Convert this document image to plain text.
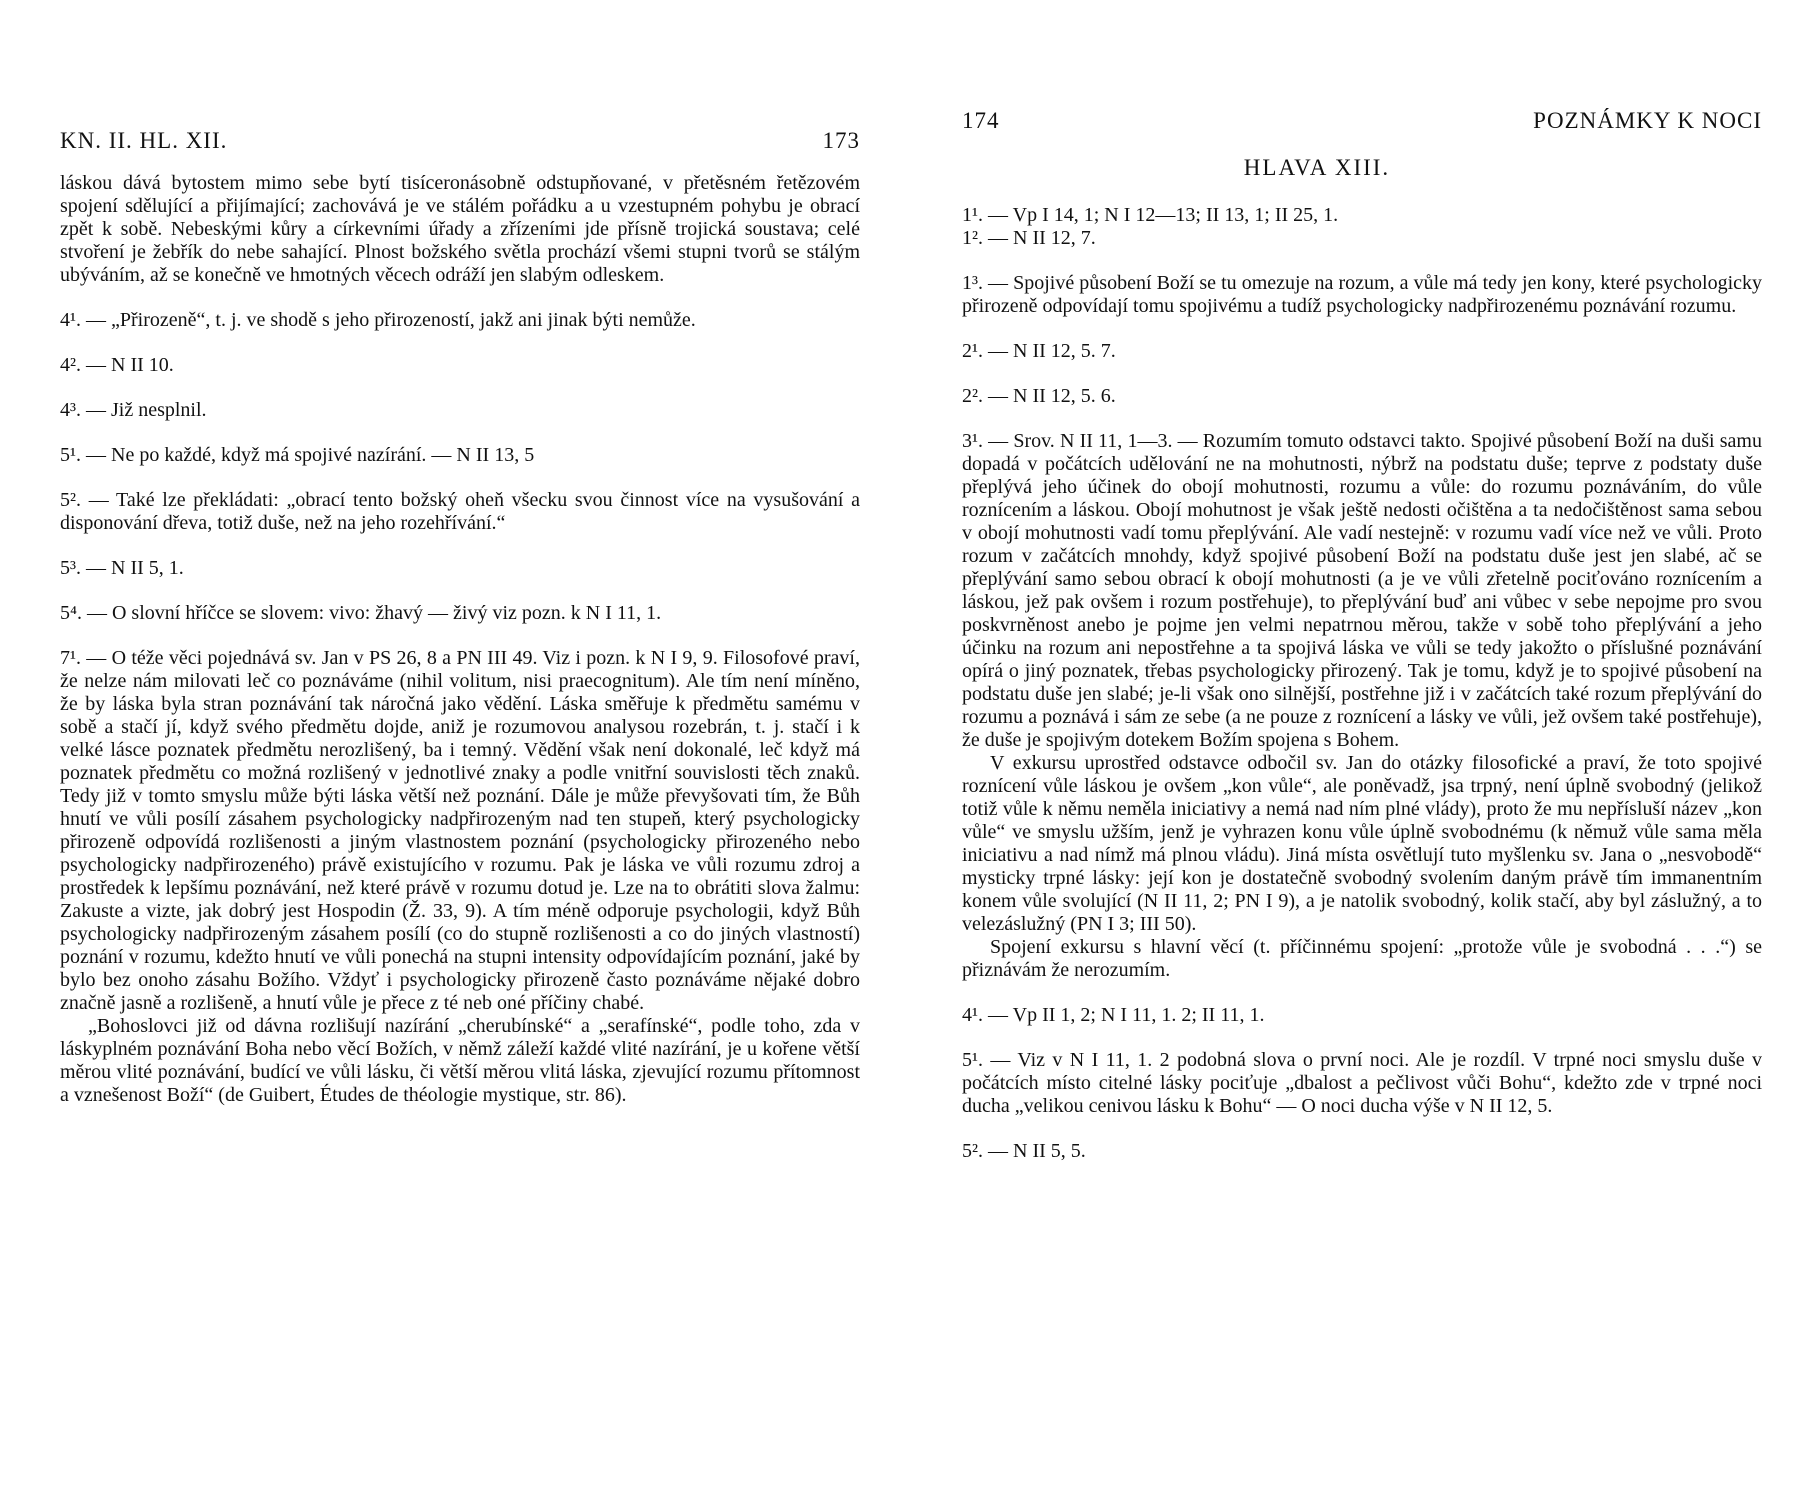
KN. II. HL. XII.	173

láskou dává bytostem mimo sebe bytí tisíceronásobně odstupňované, v přetěsném řetězovém spojení sdělující a přijímající; zachovává je ve stálém pořádku a u vzestupném pohybu je obrací zpět k sobě. Nebeskými kůry a církevními úřady a zřízeními jde přísně trojická soustava; celé stvoření je žebřík do nebe sahající. Plnost božského světla prochází všemi stupni tvorů se stálým ubýváním, až se konečně ve hmotných věcech odráží jen slabým odleskem.

4¹. — „Přirozeně“, t. j. ve shodě s jeho přirozeností, jakž ani jinak býti nemůže.

4². — N II 10.

4³. — Již nesplnil.

5¹. — Ne po každé, když má spojivé nazírání. — N II 13, 5

5². — Také lze překládati: „obrací tento božský oheň všecku svou činnost více na vysušování a disponování dřeva, totiž duše, než na jeho rozehřívání.“

5³. — N II 5, 1.

5⁴. — O slovní hříčce se slovem: vivo: žhavý — živý viz pozn. k N I 11, 1.

7¹. — O téže věci pojednává sv. Jan v PS 26, 8 a PN III 49. Viz i pozn. k N I 9, 9. Filosofové praví, že nelze nám milovati leč co poznáváme (nihil volitum, nisi praecognitum). Ale tím není míněno, že by láska byla stran poznávání tak náročná jako vědění. Láska směřuje k předmětu samému v sobě a stačí jí, když svého předmětu dojde, aniž je rozumovou analysou rozebrán, t. j. stačí i k velké lásce poznatek předmětu nerozlišený, ba i temný. Vědění však není dokonalé, leč když má poznatek předmětu co možná rozlišený v jednotlivé znaky a podle vnitřní souvislosti těch znaků. Tedy již v tomto smyslu může býti láska větší než poznání. Dále je může převyšovati tím, že Bůh hnutí ve vůli posílí zásahem psychologicky nadpřirozeným nad ten stupeň, který psychologicky přirozeně odpovídá rozlišenosti a jiným vlastnostem poznání (psychologicky přirozeného nebo psychologicky nadpřirozeného) právě existujícího v rozumu. Pak je láska ve vůli rozumu zdroj a prostředek k lepšímu poznávání, než které právě v rozumu dotud je. Lze na to obrátiti slova žalmu: Zakuste a vizte, jak dobrý jest Hospodin (Ž. 33, 9). A tím méně odporuje psychologii, když Bůh psychologicky nadpřirozeným zásahem posílí (co do stupně rozlišenosti a co do jiných vlastností) poznání v rozumu, kdežto hnutí ve vůli ponechá na stupni intensity odpovídajícím poznání, jaké by bylo bez onoho zásahu Božího. Vždyť i psychologicky přirozeně často poznáváme nějaké dobro značně jasně a rozlišeně, a hnutí vůle je přece z té neb oné příčiny chabé.

„Bohoslovci již od dávna rozlišují nazírání „cherubínské“ a „serafínské“, podle toho, zda v láskyplném poznávání Boha nebo věcí Božích, v němž záleží každé vlité nazírání, je u kořene větší měrou vlité poznávání, budící ve vůli lásku, či větší měrou vlitá láska, zjevující rozumu přítomnost a vznešenost Boží“ (de Guibert, Études de théologie mystique, str. 86).

174	POZNÁMKY K NOCI
HLAVA XIII.

1¹. — Vp I 14, 1; N I 12—13; II 13, 1; II 25, 1.

1². — N II 12, 7.

1³. — Spojivé působení Boží se tu omezuje na rozum, a vůle má tedy jen kony, které psychologicky přirozeně odpovídají tomu spojivému a tudíž psychologicky nadpřirozenému poznávání rozumu.

2¹. — N II 12, 5. 7.

2². — N II 12, 5. 6.

3¹. — Srov. N II 11, 1—3. — Rozumím tomuto odstavci takto. Spojivé působení Boží na duši samu dopadá v počátcích udělování ne na mohutnosti, nýbrž na podstatu duše; teprve z podstaty duše přeplývá jeho účinek do obojí mohutnosti, rozumu a vůle: do rozumu poznáváním, do vůle roznícením a láskou. Obojí mohutnost je však ještě nedosti očištěna a ta nedočištěnost sama sebou v obojí mohutnosti vadí tomu přeplývání. Ale vadí nestejně: v rozumu vadí více než ve vůli. Proto rozum v začátcích mnohdy, když spojivé působení Boží na podstatu duše jest jen slabé, ač se přeplývání samo sebou obrací k obojí mohutnosti (a je ve vůli zřetelně pociťováno roznícením a láskou, jež pak ovšem i rozum postřehuje), to přeplývání buď ani vůbec v sebe nepojme pro svou poskvrněnost anebo je pojme jen velmi nepatrnou měrou, takže v sobě toho přeplývání a jeho účinku na rozum ani nepostřehne a ta spojivá láska ve vůli se tedy jakožto o příslušné poznávání opírá o jiný poznatek, třebas psychologicky přirozený. Tak je tomu, když je to spojivé působení na podstatu duše jen slabé; je-li však ono silnější, postřehne již i v začátcích také rozum přeplývání do rozumu a poznává i sám ze sebe (a ne pouze z roznícení a lásky ve vůli, jež ovšem také postřehuje), že duše je spojivým dotekem Božím spojena s Bohem.

V exkursu uprostřed odstavce odbočil sv. Jan do otázky filosofické a praví, že toto spojivé roznícení vůle láskou je ovšem „kon vůle“, ale poněvadž, jsa trpný, není úplně svobodný (jelikož totiž vůle k němu neměla iniciativy a nemá nad ním plné vlády), proto že mu nepřísluší název „kon vůle“ ve smyslu užším, jenž je vyhrazen konu vůle úplně svobodnému (k němuž vůle sama měla iniciativu a nad nímž má plnou vládu). Jiná místa osvětlují tuto myšlenku sv. Jana o „nesvobodě“ mysticky trpné lásky: její kon je dostatečně svobodný svolením daným právě tím immanentním konem vůle svolující (N II 11, 2; PN I 9), a je natolik svobodný, kolik stačí, aby byl záslužný, a to velezáslužný (PN I 3; III 50).

Spojení exkursu s hlavní věcí (t. příčinnému spojení: „protože vůle je svobodná . . .“) se přiznávám že nerozumím.

4¹. — Vp II 1, 2; N I 11, 1. 2; II 11, 1.

5¹. — Viz v N I 11, 1. 2 podobná slova o první noci. Ale je rozdíl. V trpné noci smyslu duše v počátcích místo citelné lásky pociťuje „dbalost a pečlivost vůči Bohu“, kdežto zde v trpné noci ducha „velikou cenivou lásku k Bohu“ — O noci ducha výše v N II 12, 5.

5². — N II 5, 5.
